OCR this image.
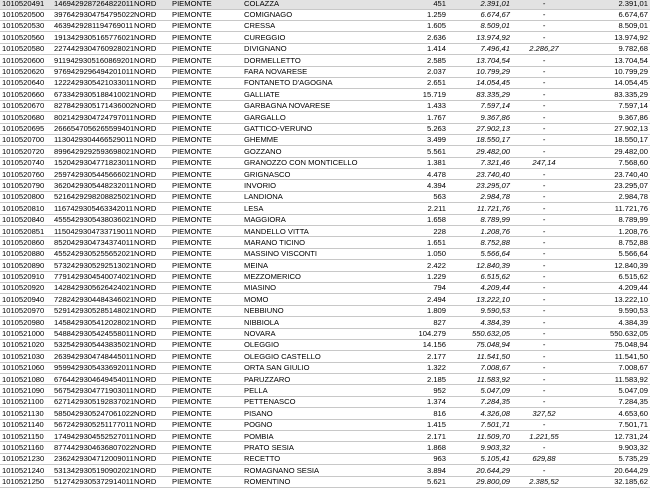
1010520491	1469429287264822011	NORD	PIEMONTE	COLAZZA	451	2.391,01	-	2.391,01
1010520500	3976429304754795022	NORD	PIEMONTE	COMIGNAGO	1.259	6.674,67	-	6.674,67
1010520530	4639429281194769011	NORD	PIEMONTE	CRESSA	1.605	8.509,01	-	8.509,01
1010520560	1913429305165776021	NORD	PIEMONTE	CUREGGIO	2.636	13.974,92	-	13.974,92
1010520580	2274429304760928021	NORD	PIEMONTE	DIVIGNANO	1.414	7.496,41	2.286,27	9.782,68
1010520600	9119429305160869201	NORD	PIEMONTE	DORMELLETTO	2.585	13.704,54	-	13.704,54
1010520620	9769429296494201011	NORD	PIEMONTE	FARA NOVARESE	2.037	10.799,29	-	10.799,29
1010520640	1222429305421033011	NORD	PIEMONTE	FONTANETO D'AGOGNA	2.651	14.054,45	-	14.054,45
1010520660	6733429305188410021	NORD	PIEMONTE	GALLIATE	15.719	83.335,29	-	83.335,29
1010520670	8278429305171436002	NORD	PIEMONTE	GARBAGNA NOVARESE	1.433	7.597,14	-	7.597,14
1010520680	8021429304724797011	NORD	PIEMONTE	GARGALLO	1.767	9.367,86	-	9.367,86
1010520695	2666547056265599401	NORD	PIEMONTE	GATTICO-VERUNO	5.263	27.902,13	-	27.902,13
1010520700	1130429304466529011	NORD	PIEMONTE	GHEMME	3.499	18.550,17	-	18.550,17
1010520720	8996429292593698021	NORD	PIEMONTE	GOZZANO	5.561	29.482,00	-	29.482,00
1010520740	1520429304771823011	NORD	PIEMONTE	GRANOZZO CON MONTICELLO	1.381	7.321,46	247,14	7.568,60
1010520760	2597429305445666021	NORD	PIEMONTE	GRIGNASCO	4.478	23.740,40	-	23.740,40
1010520790	3620429305448232011	NORD	PIEMONTE	INVORIO	4.394	23.295,07	-	23.295,07
1010520800	5216429298208825021	NORD	PIEMONTE	LANDIONA	563	2.984,78	-	2.984,78
1010520810	1167429305463342011	NORD	PIEMONTE	LESA	2.211	11.721,76	-	11.721,76
1010520840	4555429305438036021	NORD	PIEMONTE	MAGGIORA	1.658	8.789,99	-	8.789,99
1010520851	1150429304733719011	NORD	PIEMONTE	MANDELLO VITTA	228	1.208,76	-	1.208,76
1010520860	8520429304734374011	NORD	PIEMONTE	MARANO TICINO	1.651	8.752,88	-	8.752,88
1010520880	4552429305255652021	NORD	PIEMONTE	MASSINO VISCONTI	1.050	5.566,64	-	5.566,64
1010520890	5732429305292513021	NORD	PIEMONTE	MEINA	2.422	12.840,39	-	12.840,39
1010520910	7791429304540074021	NORD	PIEMONTE	MEZZOMERICO	1.229	6.515,62	-	6.515,62
1010520920	1428429305626424021	NORD	PIEMONTE	MIASINO	794	4.209,44	-	4.209,44
1010520940	7282429304484346021	NORD	PIEMONTE	MOMO	2.494	13.222,10	-	13.222,10
1010520970	5291429305285148021	NORD	PIEMONTE	NEBBIUNO	1.809	9.590,53	-	9.590,53
1010520980	1458429305412028021	NORD	PIEMONTE	NIBBIOLA	827	4.384,39	-	4.384,39
1010521000	5488429305424558011	NORD	PIEMONTE	NOVARA	104.279	550.632,05	-	550.632,05
1010521020	5325429305443835021	NORD	PIEMONTE	OLEGGIO	14.156	75.048,94	-	75.048,94
1010521030	2639429304748445011	NORD	PIEMONTE	OLEGGIO CASTELLO	2.177	11.541,50	-	11.541,50
1010521060	9599429305433692011	NORD	PIEMONTE	ORTA SAN GIULIO	1.322	7.008,67	-	7.008,67
1010521080	6764429304649454011	NORD	PIEMONTE	PARUZZARO	2.185	11.583,92	-	11.583,92
1010521090	5675429304771903011	NORD	PIEMONTE	PELLA	952	5.047,09	-	5.047,09
1010521100	6271429305192837021	NORD	PIEMONTE	PETTENASCO	1.374	7.284,35	-	7.284,35
1010521130	5850429305247061022	NORD	PIEMONTE	PISANO	816	4.326,08	327,52	4.653,60
1010521140	5672429305251177011	NORD	PIEMONTE	POGNO	1.415	7.501,71	-	7.501,71
1010521150	1749429304552527011	NORD	PIEMONTE	POMBIA	2.171	11.509,70	1.221,55	12.731,24
1010521160	8774429304636807022	NORD	PIEMONTE	PRATO SESIA	1.868	9.903,32	-	9.903,32
1010521230	2362429304712009011	NORD	PIEMONTE	RECETTO	963	5.105,41	629,88	5.735,29
1010521240	5313429305190902021	NORD	PIEMONTE	ROMAGNANO SESIA	3.894	20.644,29	-	20.644,29
1010521250	5127429305372914011	NORD	PIEMONTE	ROMENTINO	5.621	29.800,09	2.385,52	32.185,62
